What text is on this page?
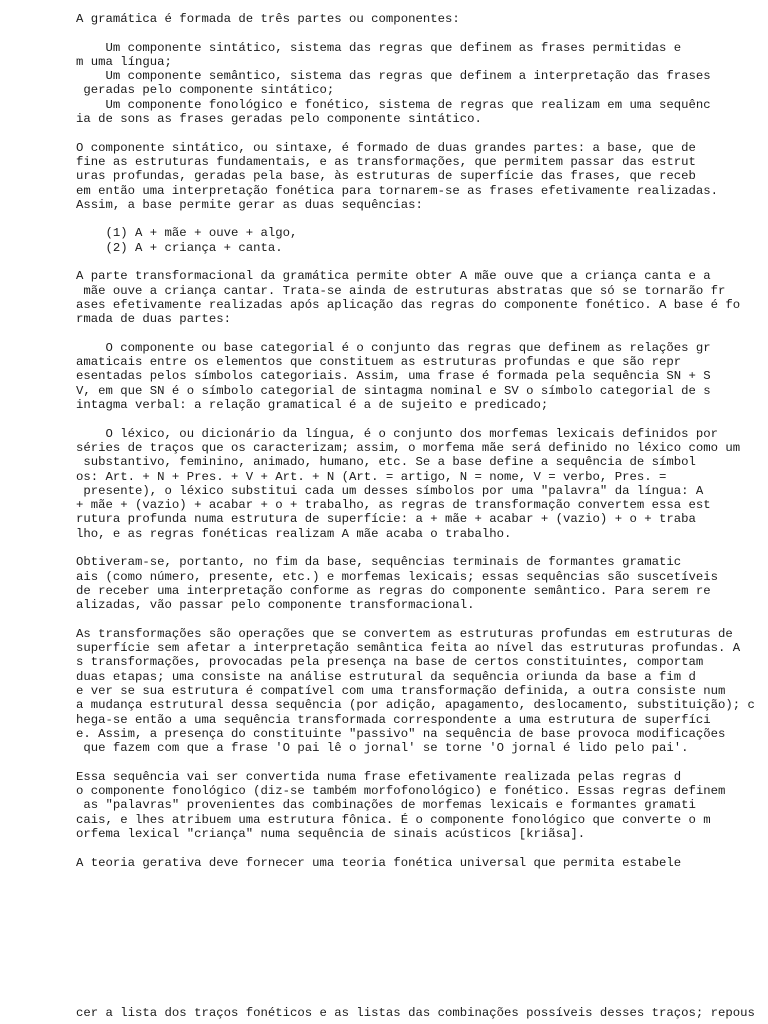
A gramática é formada de três partes ou componentes:
Um componente sintático, sistema das regras que definem as frases permitidas e
m uma língua;
Um componente semântico, sistema das regras que definem a interpretação das frases
geradas pelo componente sintático;
Um componente fonológico e fonético, sistema de regras que realizam em uma sequênc
ia de sons as frases geradas pelo componente sintático.
O componente sintático, ou sintaxe, é formado de duas grandes partes: a base, que de
fine as estruturas fundamentais, e as transformações, que permitem passar das estrut
uras profundas, geradas pela base, às estruturas de superfície das frases, que receb
em então uma interpretação fonética para tornarem-se as frases efetivamente realizadas.
Assim, a base permite gerar as duas sequências:
(1) A + mãe + ouve + algo,
(2) A + criança + canta.
A parte transformacional da gramática permite obter A mãe ouve que a criança canta e a
mãe ouve a criança cantar. Trata-se ainda de estruturas abstratas que só se tornarão fr
ases efetivamente realizadas após aplicação das regras do componente fonético. A base é fo
rmada de duas partes:
O componente ou base categorial é o conjunto das regras que definem as relações gr
amaticais entre os elementos que constituem as estruturas profundas e que são repr
esentadas pelos símbolos categoriais. Assim, uma frase é formada pela sequência SN + S
V, em que SN é o símbolo categorial de sintagma nominal e SV o símbolo categorial de s
intagma verbal: a relação gramatical é a de sujeito e predicado;
O léxico, ou dicionário da língua, é o conjunto dos morfemas lexicais definidos por
séries de traços que os caracterizam; assim, o morfema mãe será definido no léxico como um
substantivo, feminino, animado, humano, etc. Se a base define a sequência de símbol
os: Art. + N + Pres. + V + Art. + N (Art. = artigo, N = nome, V = verbo, Pres. =
presente), o léxico substitui cada um desses símbolos por uma "palavra" da língua: A
+ mãe + (vazio) + acabar + o + trabalho, as regras de transformação convertem essa est
rutura profunda numa estrutura de superfície: a + mãe + acabar + (vazio) + o + traba
lho, e as regras fonéticas realizam A mãe acaba o trabalho.
Obtiveram-se, portanto, no fim da base, sequências terminais de formantes gramatic
ais (como número, presente, etc.) e morfemas lexicais; essas sequências são suscetíveis
de receber uma interpretação conforme as regras do componente semântico. Para serem re
alizadas, vão passar pelo componente transformacional.
As transformações são operações que se convertem as estruturas profundas em estruturas de
superfície sem afetar a interpretação semântica feita ao nível das estruturas profundas. A
s transformações, provocadas pela presença na base de certos constituintes, comportam
duas etapas; uma consiste na análise estrutural da sequência oriunda da base a fim d
e ver se sua estrutura é compatível com uma transformação definida, a outra consiste num
a mudança estrutural dessa sequência (por adição, apagamento, deslocamento, substituição); c
hega-se então a uma sequência transformada correspondente a uma estrutura de superfíci
e. Assim, a presença do constituinte "passivo" na sequência de base provoca modificações
que fazem com que a frase 'O pai lê o jornal' se torne 'O jornal é lido pelo pai'.
Essa sequência vai ser convertida numa frase efetivamente realizada pelas regras d
o componente fonológico (diz-se também morfofonológico) e fonético. Essas regras definem
as "palavras" provenientes das combinações de morfemas lexicais e formantes gramati
cais, e lhes atribuem uma estrutura fônica. É o componente fonológico que converte o m
orfema lexical "criança" numa sequência de sinais acústicos [kriãsa].
A teoria gerativa deve fornecer uma teoria fonética universal que permita estabele
cer a lista dos traços fonéticos e as listas das combinações possíveis desses traços; repous
